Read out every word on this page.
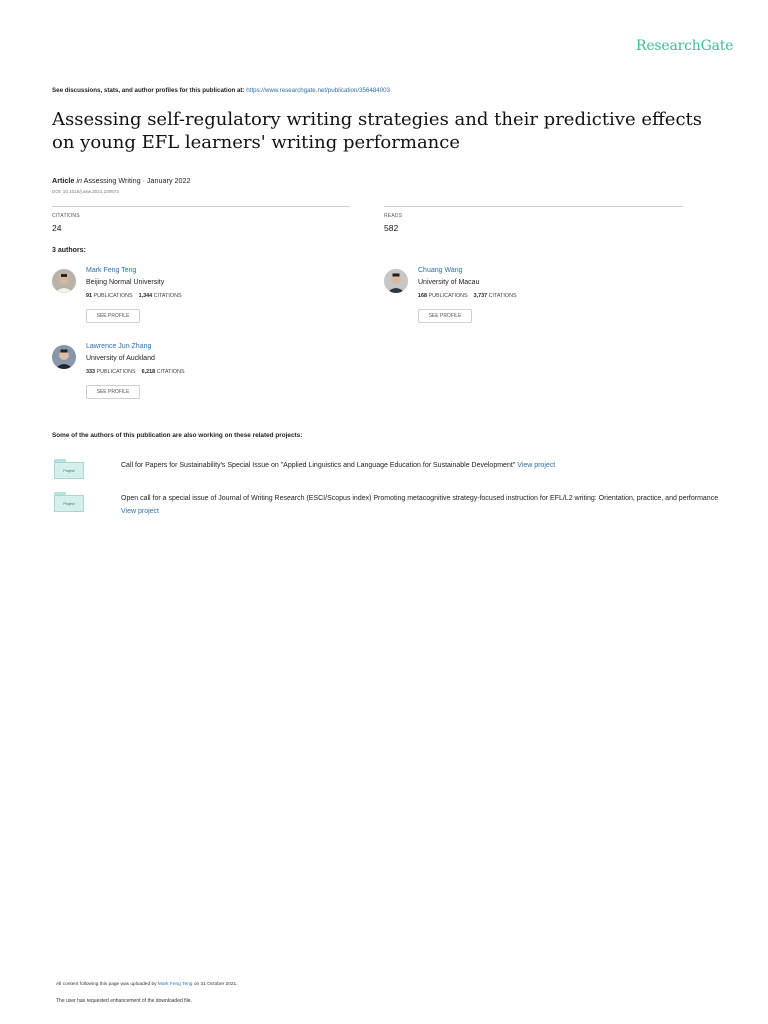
ResearchGate
See discussions, stats, and author profiles for this publication at: https://www.researchgate.net/publication/356484003
Assessing self-regulatory writing strategies and their predictive effects on young EFL learners' writing performance
Article in Assessing Writing · January 2022
DOI: 10.1016/j.asw.2021.100573
CITATIONS
24
READS
582
3 authors:
Mark Feng Teng
Beijing Normal University
91 PUBLICATIONS 1,344 CITATIONS
SEE PROFILE
Chuang Wang
University of Macau
168 PUBLICATIONS 3,737 CITATIONS
SEE PROFILE
Lawrence Jun Zhang
University of Auckland
333 PUBLICATIONS 6,218 CITATIONS
SEE PROFILE
Some of the authors of this publication are also working on these related projects:
Project
Call for Papers for Sustainability's Special Issue on "Applied Linguistics and Language Education for Sustainable Development" View project
Project
Open call for a special issue of Journal of Writing Research (ESCI/Scopus index) Promoting metacognitive strategy-focused instruction for EFL/L2 writing: Orientation, practice, and performance View project
All content following this page was uploaded by Mark Feng Teng on 31 October 2021.
The user has requested enhancement of the downloaded file.
